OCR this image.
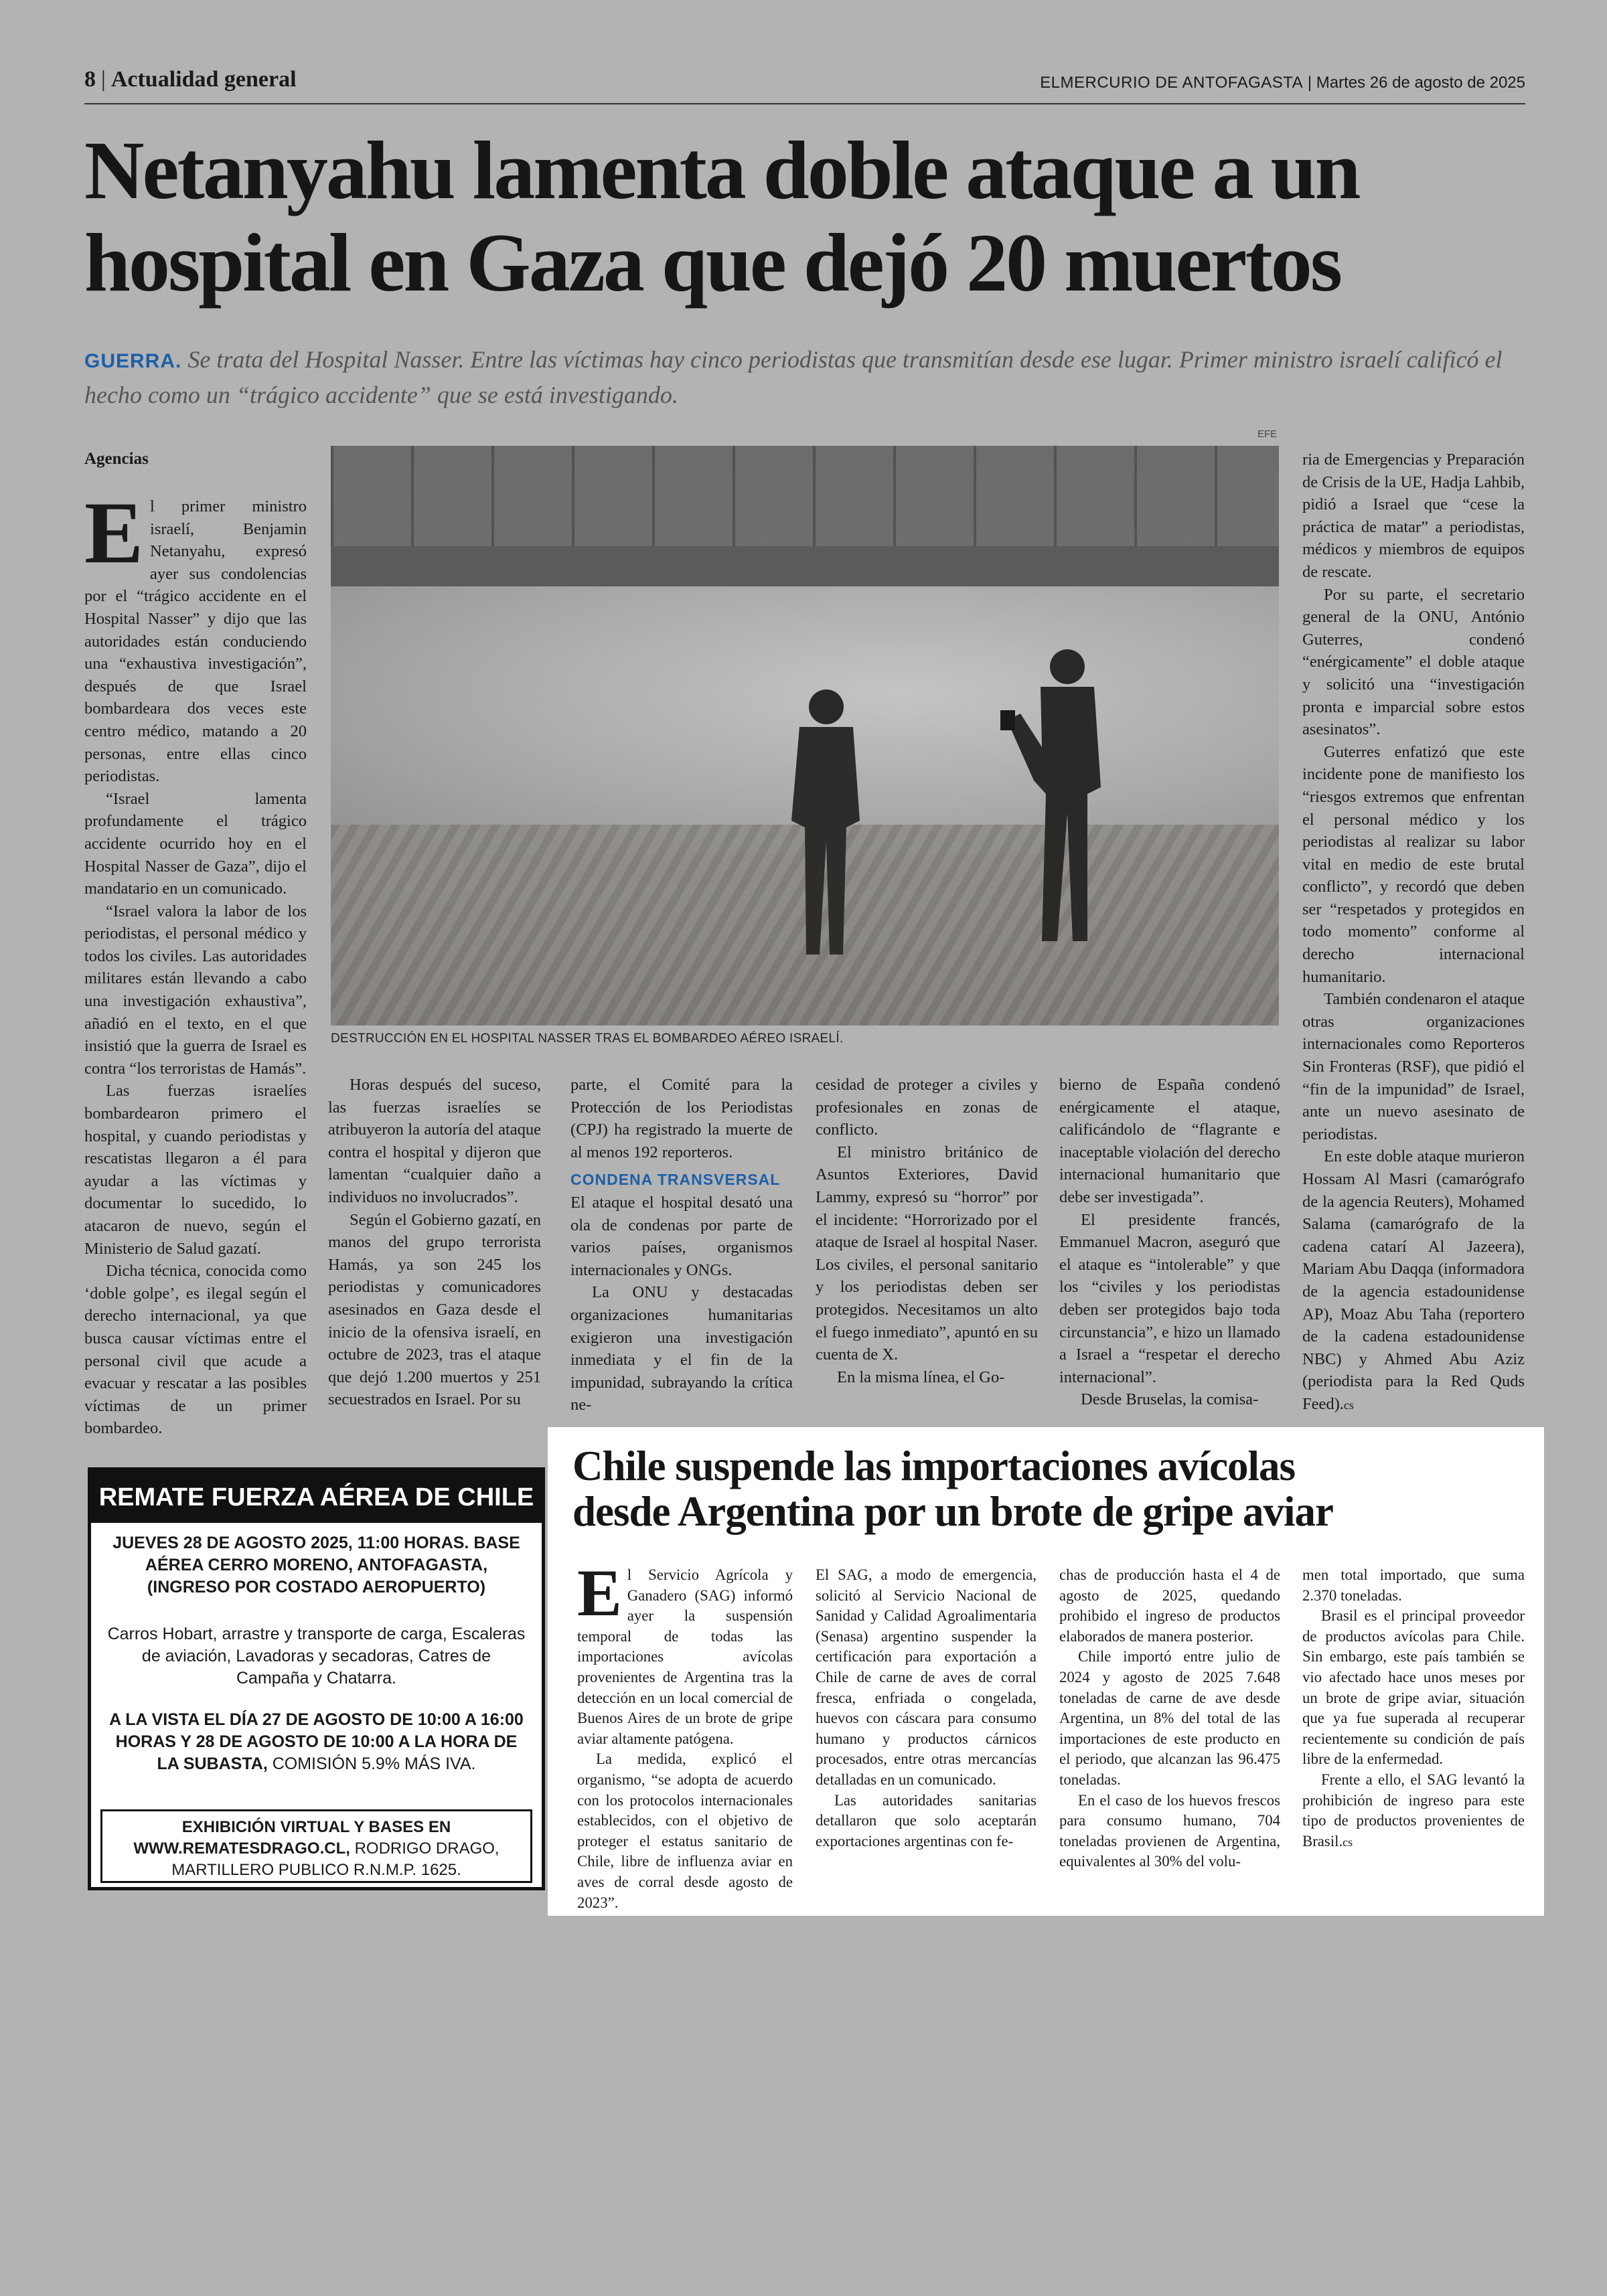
8 | Actualidad general	ELMERCURIO DE ANTOFAGASTA | Martes 26 de agosto de 2025
Netanyahu lamenta doble ataque a un
hospital en Gaza que dejó 20 muertos
GUERRA. Se trata del Hospital Nasser. Entre las víctimas hay cinco periodistas que transmitían desde ese lugar. Primer ministro israelí calificó el hecho como un “trágico accidente” que se está investigando.
Agencias

El primer ministro israelí, Benjamin Netanyahu, expresó ayer sus condolencias por el “trágico accidente en el Hospital Nasser” y dijo que las autoridades están conduciendo una “exhaustiva investigación”, después de que Israel bombardeara dos veces este centro médico, matando a 20 personas, entre ellas cinco periodistas.

“Israel lamenta profundamente el trágico accidente ocurrido hoy en el Hospital Nasser de Gaza”, dijo el mandatario en un comunicado.

“Israel valora la labor de los periodistas, el personal médico y todos los civiles. Las autoridades militares están llevando a cabo una investigación exhaustiva”, añadió en el texto, en el que insistió que la guerra de Israel es contra “los terroristas de Hamás”.

Las fuerzas israelíes bombardearon primero el hospital, y cuando periodistas y rescatistas llegaron a él para ayudar a las víctimas y documentar lo sucedido, lo atacaron de nuevo, según el Ministerio de Salud gazatí.

Dicha técnica, conocida como ‘doble golpe’, es ilegal según el derecho internacional, ya que busca causar víctimas entre el personal civil que acude a evacuar y rescatar a las posibles víctimas de un primer bombardeo.

EFE
DESTRUCCIÓN EN EL HOSPITAL NASSER TRAS EL BOMBARDEO AÉREO ISRAELÍ.

Horas después del suceso, las fuerzas israelíes se atribuyeron la autoría del ataque contra el hospital y dijeron que lamentan “cualquier daño a individuos no involucrados”.

Según el Gobierno gazatí, en manos del grupo terrorista Hamás, ya son 245 los periodistas y comunicadores asesinados en Gaza desde el inicio de la ofensiva israelí, en octubre de 2023, tras el ataque que dejó 1.200 muertos y 251 secuestrados en Israel. Por su

parte, el Comité para la Protección de los Periodistas (CPJ) ha registrado la muerte de al menos 192 reporteros.

CONDENA TRANSVERSAL

El ataque el hospital desató una ola de condenas por parte de varios países, organismos internacionales y ONGs.

La ONU y destacadas organizaciones humanitarias exigieron una investigación inmediata y el fin de la impunidad, subrayando la crítica ne-

cesidad de proteger a civiles y profesionales en zonas de conflicto.

El ministro británico de Asuntos Exteriores, David Lammy, expresó su “horror” por el incidente: “Horrorizado por el ataque de Israel al hospital Naser. Los civiles, el personal sanitario y los periodistas deben ser protegidos. Necesitamos un alto el fuego inmediato”, apuntó en su cuenta de X.

En la misma línea, el Go-

bierno de España condenó enérgicamente el ataque, calificándolo de “flagrante e inaceptable violación del derecho internacional humanitario que debe ser investigada”.

El presidente francés, Emmanuel Macron, aseguró que el ataque es “intolerable” y que los “civiles y los periodistas deben ser protegidos bajo toda circunstancia”, e hizo un llamado a Israel a “respetar el derecho internacional”.

Desde Bruselas, la comisa-

ria de Emergencias y Preparación de Crisis de la UE, Hadja Lahbib, pidió a Israel que “cese la práctica de matar” a periodistas, médicos y miembros de equipos de rescate.

Por su parte, el secretario general de la ONU, António Guterres, condenó “enérgicamente” el doble ataque y solicitó una “investigación pronta e imparcial sobre estos asesinatos”.

Guterres enfatizó que este incidente pone de manifiesto los “riesgos extremos que enfrentan el personal médico y los periodistas al realizar su labor vital en medio de este brutal conflicto”, y recordó que deben ser “respetados y protegidos en todo momento” conforme al derecho internacional humanitario.

También condenaron el ataque otras organizaciones internacionales como Reporteros Sin Fronteras (RSF), que pidió el “fin de la impunidad” de Israel, ante un nuevo asesinato de periodistas.

En este doble ataque murieron Hossam Al Masri (camarógrafo de la agencia Reuters), Mohamed Salama (camarógrafo de la cadena catarí Al Jazeera), Mariam Abu Daqqa (informadora de la agencia estadounidense AP), Moaz Abu Taha (reportero de la cadena estadounidense NBC) y Ahmed Abu Aziz (periodista para la Red Quds Feed).cs

REMATE FUERZA AÉREA DE CHILE
JUEVES 28 DE AGOSTO 2025, 11:00 HORAS. BASE AÉREA CERRO MORENO, ANTOFAGASTA, (INGRESO POR COSTADO AEROPUERTO)
Carros Hobart, arrastre y transporte de carga, Escaleras de aviación, Lavadoras y secadoras, Catres de Campaña y Chatarra.
A LA VISTA EL DÍA 27 DE AGOSTO DE 10:00 A 16:00 HORAS Y 28 DE AGOSTO DE 10:00 A LA HORA DE LA SUBASTA, COMISIÓN 5.9% MÁS IVA.
EXHIBICIÓN VIRTUAL Y BASES EN
WWW.REMATESDRAGO.CL, RODRIGO DRAGO, MARTILLERO PUBLICO R.N.M.P. 1625.
Chile suspende las importaciones avícolas
desde Argentina por un brote de gripe aviar

El Servicio Agrícola y Ganadero (SAG) informó ayer la suspensión temporal de todas las importaciones avícolas provenientes de Argentina tras la detección en un local comercial de Buenos Aires de un brote de gripe aviar altamente patógena.

La medida, explicó el organismo, “se adopta de acuerdo con los protocolos internacionales establecidos, con el objetivo de proteger el estatus sanitario de Chile, libre de influenza aviar en aves de corral desde agosto de 2023”.

El SAG, a modo de emergencia, solicitó al Servicio Nacional de Sanidad y Calidad Agroalimentaria (Senasa) argentino suspender la certificación para exportación a Chile de carne de aves de corral fresca, enfriada o congelada, huevos con cáscara para consumo humano y productos cárnicos procesados, entre otras mercancías detalladas en un comunicado.

Las autoridades sanitarias detallaron que solo aceptarán exportaciones argentinas con fe-

chas de producción hasta el 4 de agosto de 2025, quedando prohibido el ingreso de productos elaborados de manera posterior.

Chile importó entre julio de 2024 y agosto de 2025 7.648 toneladas de carne de ave desde Argentina, un 8% del total de las importaciones de este producto en el periodo, que alcanzan las 96.475 toneladas.

En el caso de los huevos frescos para consumo humano, 704 toneladas provienen de Argentina, equivalentes al 30% del volu-

men total importado, que suma 2.370 toneladas.

Brasil es el principal proveedor de productos avícolas para Chile. Sin embargo, este país también se vio afectado hace unos meses por un brote de gripe aviar, situación que ya fue superada al recuperar recientemente su condición de país libre de la enfermedad.

Frente a ello, el SAG levantó la prohibición de ingreso para este tipo de productos provenientes de Brasil.cs
